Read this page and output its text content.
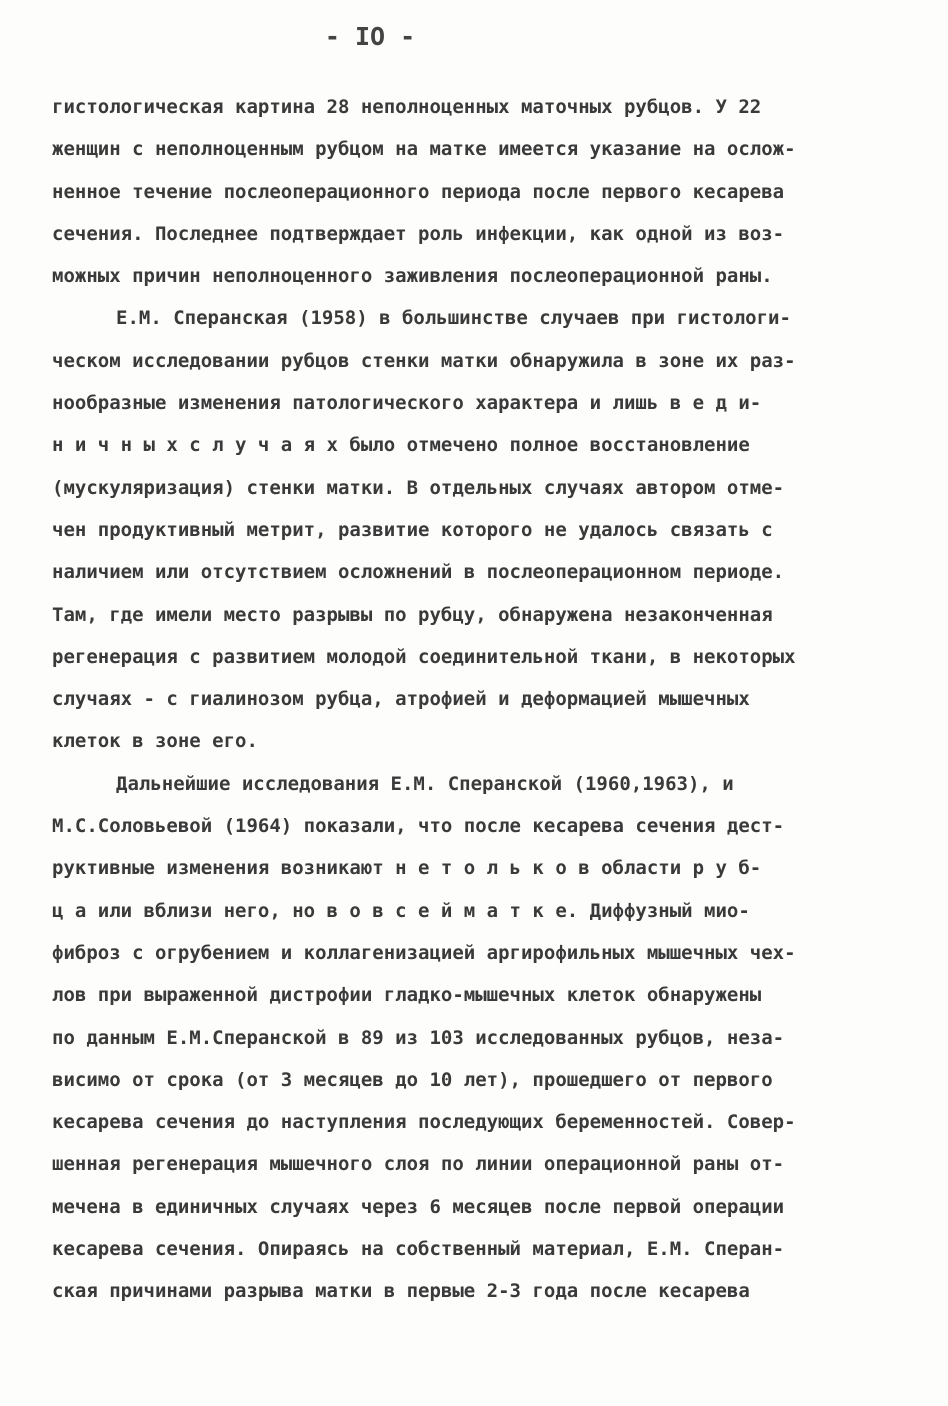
- IO -
гистологическая картина 28 неполноценных маточных рубцов. У 22
женщин с неполноценным рубцом на матке имеется указание на ослож-
ненное течение послеоперационного периода после первого кесарева
сечения. Последнее подтверждает роль инфекции, как одной из воз-
можных причин неполноценного заживления послеоперационной раны.
Е.М. Сперанская (1958) в большинстве случаев при гистологи-
ческом исследовании рубцов стенки матки обнаружила в зоне их раз-
нообразные изменения патологического характера и лишь в е д и-
н и ч н ы х с л у ч а я х было отмечено полное восстановление
(мускуляризация) стенки матки. В отдельных случаях автором отме-
чен продуктивный метрит, развитие которого не удалось связать с
наличием или отсутствием осложнений в послеоперационном периоде.
Там, где имели место разрывы по рубцу, обнаружена незаконченная
регенерация с развитием молодой соединительной ткани, в некоторых
случаях - с гиалинозом рубца, атрофией и деформацией мышечных
клеток в зоне его.
Дальнейшие исследования Е.М. Сперанской (1960,1963), и
М.С.Соловьевой (1964) показали, что после кесарева сечения дест-
руктивные изменения возникают н е т о л ь к о в области р у б-
ц а или вблизи него, но в о в с е й м а т к е. Диффузный мио-
фиброз с огрубением и коллагенизацией аргирофильных мышечных чех-
лов при выраженной дистрофии гладко-мышечных клеток обнаружены
по данным Е.М.Сперанской в 89 из 103 исследованных рубцов, неза-
висимо от срока (от 3 месяцев до 10 лет), прошедшего от первого
кесарева сечения до наступления последующих беременностей. Совер-
шенная регенерация мышечного слоя по линии операционной раны от-
мечена в единичных случаях через 6 месяцев после первой операции
кесарева сечения. Опираясь на собственный материал, Е.М. Сперан-
ская причинами разрыва матки в первые 2-3 года после кесарева
